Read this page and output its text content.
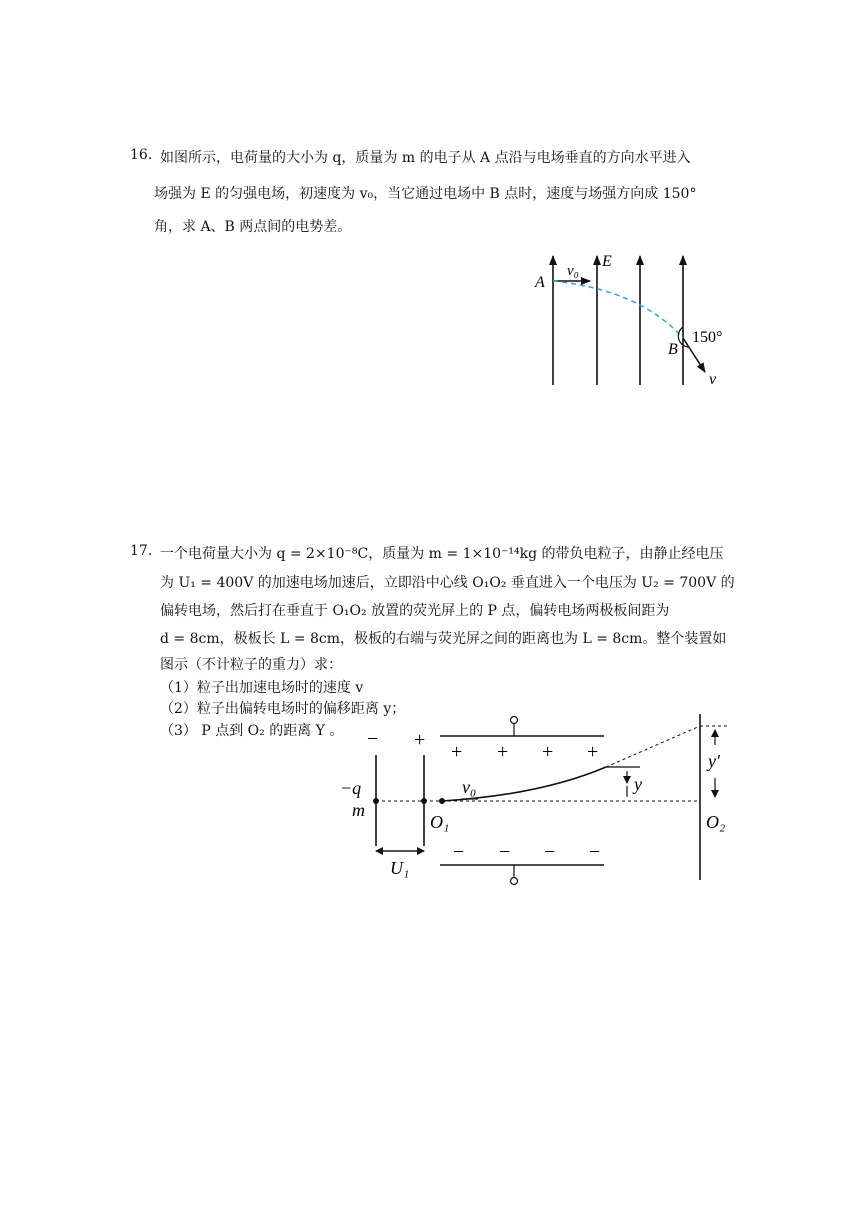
16. 如图所示，电荷量的大小为 q，质量为 m 的电子从 A 点沿与电场垂直的方向水平进入
场强为 E 的匀强电场，初速度为 v₀，当它通过电场中 B 点时，速度与场强方向成 150°
角，求 A、B 两点间的电势差。
A
v₀
E
B
150°
v
17. 一个电荷量大小为 q = 2×10⁻⁸C，质量为 m = 1×10⁻¹⁴kg 的带负电粒子，由静止经电压
为 U₁ = 400V 的加速电场加速后，立即沿中心线 O₁O₂ 垂直进入一个电压为 U₂ = 700V 的
偏转电场，然后打在垂直于 O₁O₂ 放置的荧光屏上的 P 点，偏转电场两极板间距为
d = 8cm，极板长 L = 8cm，极板的右端与荧光屏之间的距离也为 L = 8cm。整个装置如
图示（不计粒子的重力）求：
（1）粒子出加速电场时的速度 v
（2）粒子出偏转电场时的偏移距离 y；
（3） P 点到 O₂ 的距离 Y 。 − +
−q
m
O₁
U₁
+ + + +
− − − −
v₀	y
y′
O₂
